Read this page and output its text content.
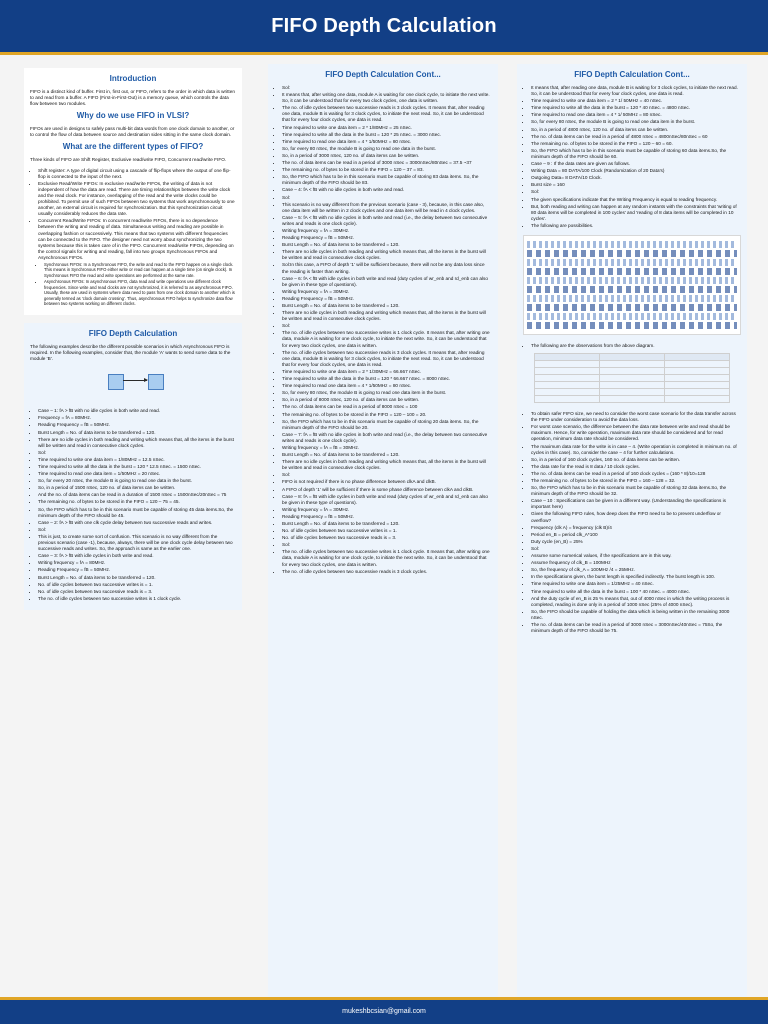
FIFO Depth Calculation
Introduction

FIFO is a distinct kind of buffer. First in, first out, or FIFO, refers to the order in which data is written to and read from a buffer. A FIFO (First-in-First-Out) is a memory queue, which controls the data flow between two modules.

Why do we use FIFO in VLSI?

FIFOs are used in designs to safely pass multi-bit data words from one clock domain to another, or to control the flow of data between source and destination sides sitting in the same clock domain.

What are the different types of FIFO?

Three kinds of FIFO are Shift Register, Exclusive read/write FIFO, Concurrent read/write FIFO.

• Shift register: A type of digital circuit using a cascade of flip-flops where the output of one flip-flop is connected to the input of the next.
• Exclusive Read/Write FIFOs: In exclusive read/write FIFOs, the writing of data is not independent of how the data are read. There are timing relationships between the write clock and the read clock. For instance, overlapping of the read and the write clocks could be prohibited. To permit use of such FIFOs between two systems that work asynchronously to one another, an external circuit is required for synchronization. But this synchronization circuit usually considerably reduces the data rate.
• Concurrent Read/Write FIFOs: In concurrent read/write FIFOs, there is no dependence between the writing and reading of data. Simultaneous writing and reading are possible in overlapping fashion or successively. This means that two systems with different frequencies can be connected to the FIFO. The designer need not worry about synchronizing the two systems because this is taken care of in the FIFO. Concurrent read/write FIFOs, depending on the control signals for writing and reading, fall into two groups Synchronous FIFOs and Asynchronous FIFOs.
• Synchronous FIFOs: In a Synchronous FIFO, the write and read to the FIFO happen on a single clock. This means in Synchronous FIFO either write or read can happen at a single time (on single clock). In Synchronous FIFO the read and write operations are performed at the same rate.
• Asynchronous FIFOs: In asynchronous FIFO, data read and write operations use different clock frequencies. Since write and read clocks are not synchronized, it is referred to as asynchronous FIFO. Usually, these are used in systems where data need to pass from one clock domain to another which is generally termed as 'clock domain crossing'. Thus, asynchronous FIFO helps to synchronize data flow between two systems working on different clocks.
FIFO Depth Calculation

The following examples describe the different possible scenarios in which Asynchronous FIFO is required. In the following examples, consider that, the module 'A' wants to send some data to the module 'B'.

• Case – 1: fA > fB with no idle cycles in both write and read.
• Frequency = fA = 80MHz.
• Reading Frequency = fB = 50MHz.
• Burst Length = No. of data items to be transferred = 120.
• There are no idle cycles in both reading and writing which means that, all the items in the burst will be written and read in consecutive clock cycles.
• Sol:
• Time required to write one data item = 1/80MHz = 12.5 nSec.
• Time required to write all the data in the burst = 120 * 12.5 nSec. = 1500 nSec.
• Time required to read one data item = 1/50MHz = 20 nSec.
• So, for every 20 nSec, the module B is going to read one data in the burst.
• So, in a period of 1500 nSec, 120 no. of data items can be written.
• And the no. of data items can be read in a duration of 1500 nSec = 1500nSec/20nSec = 75
• The remaining no. of bytes to be stored in the FIFO = 120 – 75 = 45.
• So, the FIFO which has to be in this scenario must be capable of storing 45 data items.So, the minimum depth of the FIFO should be 45.
• Case – 2: fA > fB with one clk cycle delay between two successive reads and writes.
• Sol:
• This is just, to create some sort of confusion. This scenario is no way different from the previous scenario (case -1), because, always, there will be one clock cycle delay between two successive reads and writes. So, the approach is same as the earlier one.
• Case – 3: fA > fB with idle cycles in both write and read.
• Writing frequency = fA = 80MHz.
• Reading Frequency = fB = 50MHz.
• Burst Length = No. of data items to be transferred = 120.
• No. of idle cycles between two successive writes is = 1.
• No. of idle cycles between two successive reads is = 3.
• The no. of idle cycles between two successive writes is 1 clock cycle.
FIFO Depth Calculation Cont...
• Sol:
• It means that, after writing one data, module A is waiting for one clock cycle, to initiate the next write. So, it can be understood that for every two clock cycles, one data is written.
• The no. of idle cycles between two successive reads is 3 clock cycles. It means that, after reading one data, module B is waiting for 3 clock cycles, to initiate the next read. So, it can be understood that for every four clock cycles, one data is read.
• Time required to write one data item = 2 * 1/80MHz = 25 nSec.
• Time required to write all the data in the burst = 120 * 25 nSec. = 3000 nSec.
• Time required to read one data item = 4 * 1/50MHz = 80 nSec.
• So, for every 80 nSec, the module B is going to read one data in the burst.
• So, in a period of 3000 nSec, 120 no. of data items can be written.
• The no. of data items can be read in a period of 3000 nSec = 3000nSec/80nSec = 37.5 ~37
• The remaining no. of bytes to be stored in the FIFO = 120 – 37 = 83.
• So, the FIFO which has to be in this scenario must be capable of storing 83 data items. So, the minimum depth of the FIFO should be 83.
• Case – 4: fA < fB with no idle cycles in both write and read.
• Sol:
• This scenario is no way different from the previous scenario (case - 3), because, in this case also, one data item will be written in 2 clock cycles and one data item will be read in 4 clock cycles.
• Case – 5: fA < fB with no idle cycles in both write and read (i.e., the delay between two consecutive writes and reads is one clock cycle).
• Writing frequency = fA = 30MHz.
• Reading Frequency = fB = 50MHz.
• Burst Length = No. of data items to be transferred = 120.
• There are no idle cycles in both reading and writing which means that, all the items in the burst will be written and read in consecutive clock cycles.
• Sol:In this case, a FIFO of depth '1' will be sufficient because, there will not be any data loss since the reading is faster than writing.
• Case – 6: fA < fB with idle cycles in both write and read (duty cycles of wr_enb and rd_enb can also be given in these type of questions).
• Writing frequency = fA = 30MHz.
• Reading Frequency = fB = 50MHz.
• Burst Length = No. of data items to be transferred = 120.
• There are no idle cycles in both reading and writing which means that, all the items in the burst will be written and read in consecutive clock cycles.
• Sol:
• The no. of idle cycles between two successive writes is 1 clock cycle. It means that, after writing one data, module A is waiting for one clock cycle, to initiate the next write. So, it can be understood that for every two clock cycles, one data is written.
• The no. of idle cycles between two successive reads is 3 clock cycles. It means that, after reading one data, module B is waiting for 3 clock cycles, to initiate the next read. So, it can be understood that for every four clock cycles, one data is read.
• Time required to write one data item = 2 * 1/30MHz = 66.667 nSec.
• Time required to write all the data in the burst = 120 * 66.667 nSec. = 8000 nSec.
• Time required to read one data item = 4 * 1/50MHz = 80 nSec.
• So, for every 80 nSec, the module B is going to read one data item in the burst.
• So, in a period of 8000 nSec, 120 no. of data items can be written.
• The no. of data items can be read in a period of 8000 nSec = 100
• The remaining no. of bytes to be stored in the FIFO = 120 – 100 = 20.
• So, the FIFO which has to be in this scenario must be capable of storing 20 data items. So, the minimum depth of the FIFO should be 20.
• Case – 7: fA = fB with no idle cycles in both write and read (i.e., the delay between two consecutive writes and reads is one clock cycle).
• Writing frequency = fA = fB = 30MHz.
• Burst Length = No. of data items to be transferred = 120.
• There are no idle cycles in both reading and writing which means that, all the items in the burst will be written and read in consecutive clock cycles.
• Sol:
• FIFO is not required if there is no phase difference between clkA and clkB.
• A FIFO of depth '1' will be sufficient if there is some phase difference between clkA and clkB.
• Case – 8: fA = fB with idle cycles in both write and read (duty cycles of wr_enb and rd_enb can also be given in these type of questions).
• Writing frequency = fA = 30MHz.
• Reading Frequency = fB = 50MHz.
• Burst Length = No. of data items to be transferred = 120.
• No. of idle cycles between two successive writes is = 1.
• No. of idle cycles between two successive reads is = 3.
• Sol:
• The no. of idle cycles between two successive writes is 1 clock cycle. It means that, after writing one data, module A is waiting for one clock cycle, to initiate the next write. So, it can be understood that for every two clock cycles, one data is written.
• The no. of idle cycles between two successive reads is 3 clock cycles.
FIFO Depth Calculation Cont...
• It means that, after reading one data, module B is waiting for 3 clock cycles, to initiate the next read. So, it can be understood that for every four clock cycles, one data is read.
• Time required to write one data item = 2 * 1/ 50MHz = 40 nSec.
• Time required to write all the data in the burst = 120 * 40 nSec. = 4800 nSec.
• Time required to read one data item = 4 * 1/ 50MHz = 80 nSec.
• So, for every 80 nSec, the module B is going to read one data item in the burst.
• So, in a period of 4800 nSec, 120 no. of data items can be written.
• The no. of data items can be read in a period of 4800 nSec = 4800nSec/80nSec = 60
• The remaining no. of bytes to be stored in the FIFO = 120 – 60 = 60.
• So, the FIFO which has to be in this scenario must be capable of storing 60 data items.So, the minimum depth of the FIFO should be 60.
• Case – 9 : If the data rates are given as follows.
• Writing Data = 80 DATA/100 Clock (Randomization of 20 Data's)
• Outgoing Data= 8 DATA/10 Clock.
• Burst size = 160
• Sol:
• The given specifications indicate that the Writing Frequency is equal to reading frequency.
• But, both reading and writing can happen at any random instants with the constraints that 'writing of 80 data items will be completed in 100 cycles' and 'reading of 8 data items will be completed in 10 cycles'.
• The following are possibilities.
• The following are the observations from the above diagram.

• To obtain safer FIFO size, we need to consider the worst case scenario for the data transfer across the FIFO under consideration to avoid the data loss.
• For worst case scenario, the difference between the data rate between write and read should be maximum. Hence, for write operation, maximum data rate should be considered and for read operation, minimum data rate should be considered.
• The maximum data rate for the write is in case – 4. (Write operation is completed in minimum no. of cycles in this case). So, consider the case – 4 for further calculations.
• So, in a period of 160 clock cycles, 160 no. of data items can be written.
• The data rate for the read is 8 data / 10 clock cycles.
• The no. of data items can be read in a period of 160 clock cycles = (160 * 8)/10=128
• The remaining no. of bytes to be stored in the FIFO = 160 – 128 = 32.
• So, the FIFO which has to be in this scenario must be capable of storing 32 data items.So, the minimum depth of the FIFO should be 32.
• Case – 10 : Specifications can be given in a different way. (Understanding the specifications is important here)
• Given the following FIFO rules, how deep does the FIFO need to be to prevent underflow or overflow?
• Frequency (clk A) = frequency (clk B)/4
• Period en_B = period clk_A*100
• Duty cycle (en_B) = 25%
• Sol:
• Assume some numerical values, if the specifications are in this way.
• Assume frequency of clk_B = 100MHz
• So, the frequency of clk_A = 100MHz /4 = 25MHz.
• In the specifications given, the burst length is specified indirectly. The burst length is 100.
• Time required to write one data item = 1/25MHz = 40 nSec.
• Time required to write all the data in the burst = 100 * 40 nSec. = 4000 nSec.
• And the duty cycle of en_B is 25 % means that, out of 4000 nSec in which the writing process is completed, reading is done only in a period of 1000 nSec (25% of 4000 nSec).
• So, the FIFO should be capable of holding the data which is being written in the remaining 3000 nSec.
• The no. of data items can be read in a period of 3000 nSec = 3000nSec/40nSec = 75So, the minimum depth of the FIFO should be 75.
mukeshbcsian@gmail.com
